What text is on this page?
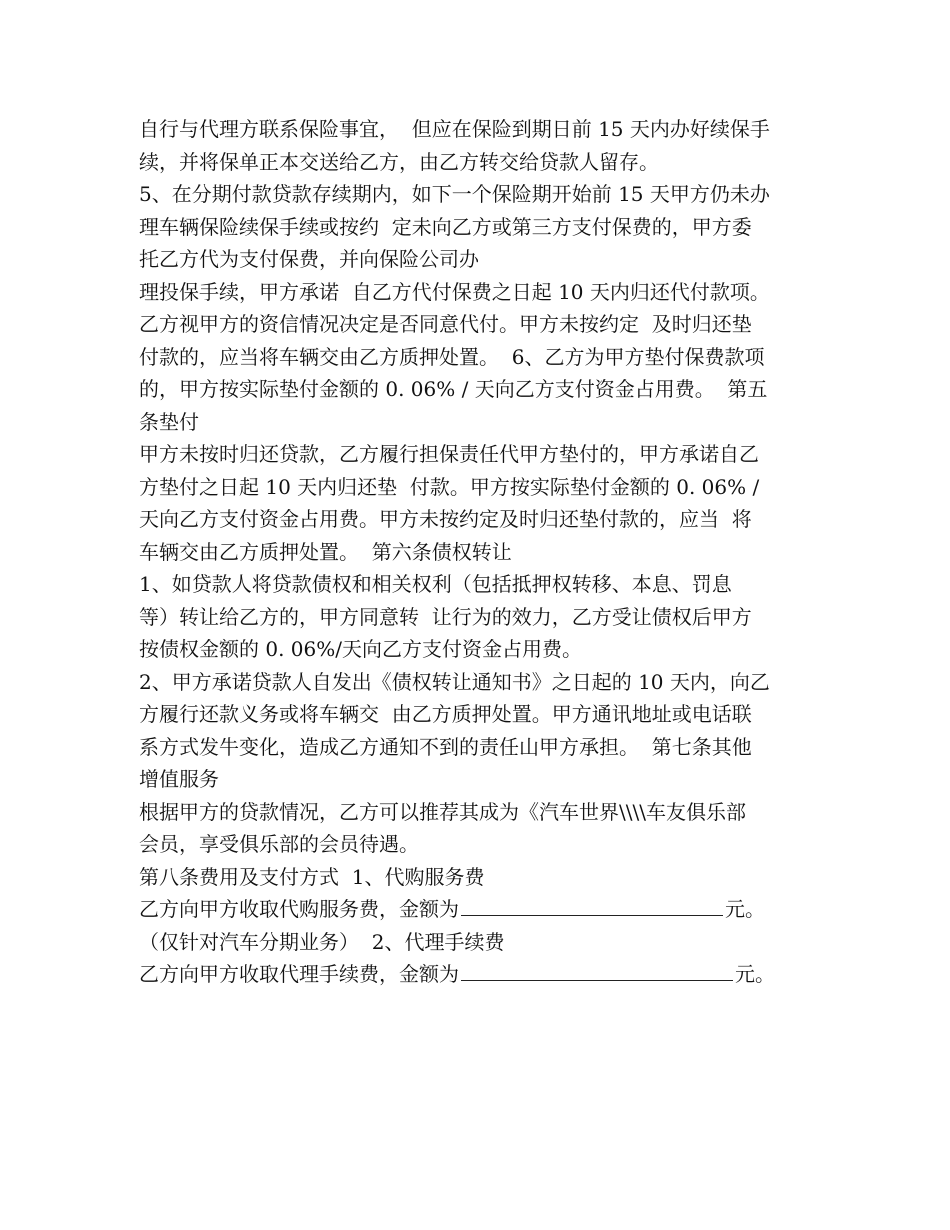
自行与代理方联系保险事宜，  但应在保险到期日前 15 天内办好续保手
续，并将保单正本交送给乙方，由乙方转交给贷款人留存。
5、在分期付款贷款存续期内，如下一个保险期开始前 15 天甲方仍未办
理车辆保险续保手续或按约  定未向乙方或第三方支付保费的，甲方委
托乙方代为支付保费，并向保险公司办
理投保手续，甲方承诺  自乙方代付保费之日起 10 天内归还代付款项。
乙方视甲方的资信情况决定是否同意代付。甲方未按约定  及时归还垫
付款的，应当将车辆交由乙方质押处置。  6、乙方为甲方垫付保费款项
的，甲方按实际垫付金额的 0. 06% / 天向乙方支付资金占用费。  第五
条垫付
甲方未按时归还贷款，乙方履行担保责任代甲方垫付的，甲方承诺自乙
方垫付之日起 10 天内归还垫  付款。甲方按实际垫付金额的 0. 06% /
天向乙方支付资金占用费。甲方未按约定及时归还垫付款的，应当  将
车辆交由乙方质押处置。  第六条债权转让
1、如贷款人将贷款债权和相关权利（包括抵押权转移、本息、罚息
等）转让给乙方的，甲方同意转  让行为的效力，乙方受让债权后甲方
按债权金额的 0. 06%/天向乙方支付资金占用费。
2、甲方承诺贷款人自发出《债权转让通知书》之日起的 10 天内，向乙
方履行还款义务或将车辆交  由乙方质押处置。甲方通讯地址或电话联
系方式发牛变化，造成乙方通知不到的责任山甲方承担。  第七条其他
增值服务
根据甲方的贷款情况，乙方可以推荐其成为《汽车世界\\\\车友俱乐部
会员，享受俱乐部的会员待遇。
第八条费用及支付方式  1、代购服务费
乙方向甲方收取代购服务费，金额为	元。
（仅针对汽车分期业务）  2、代理手续费
乙方向甲方收取代理手续费，金额为	元。
